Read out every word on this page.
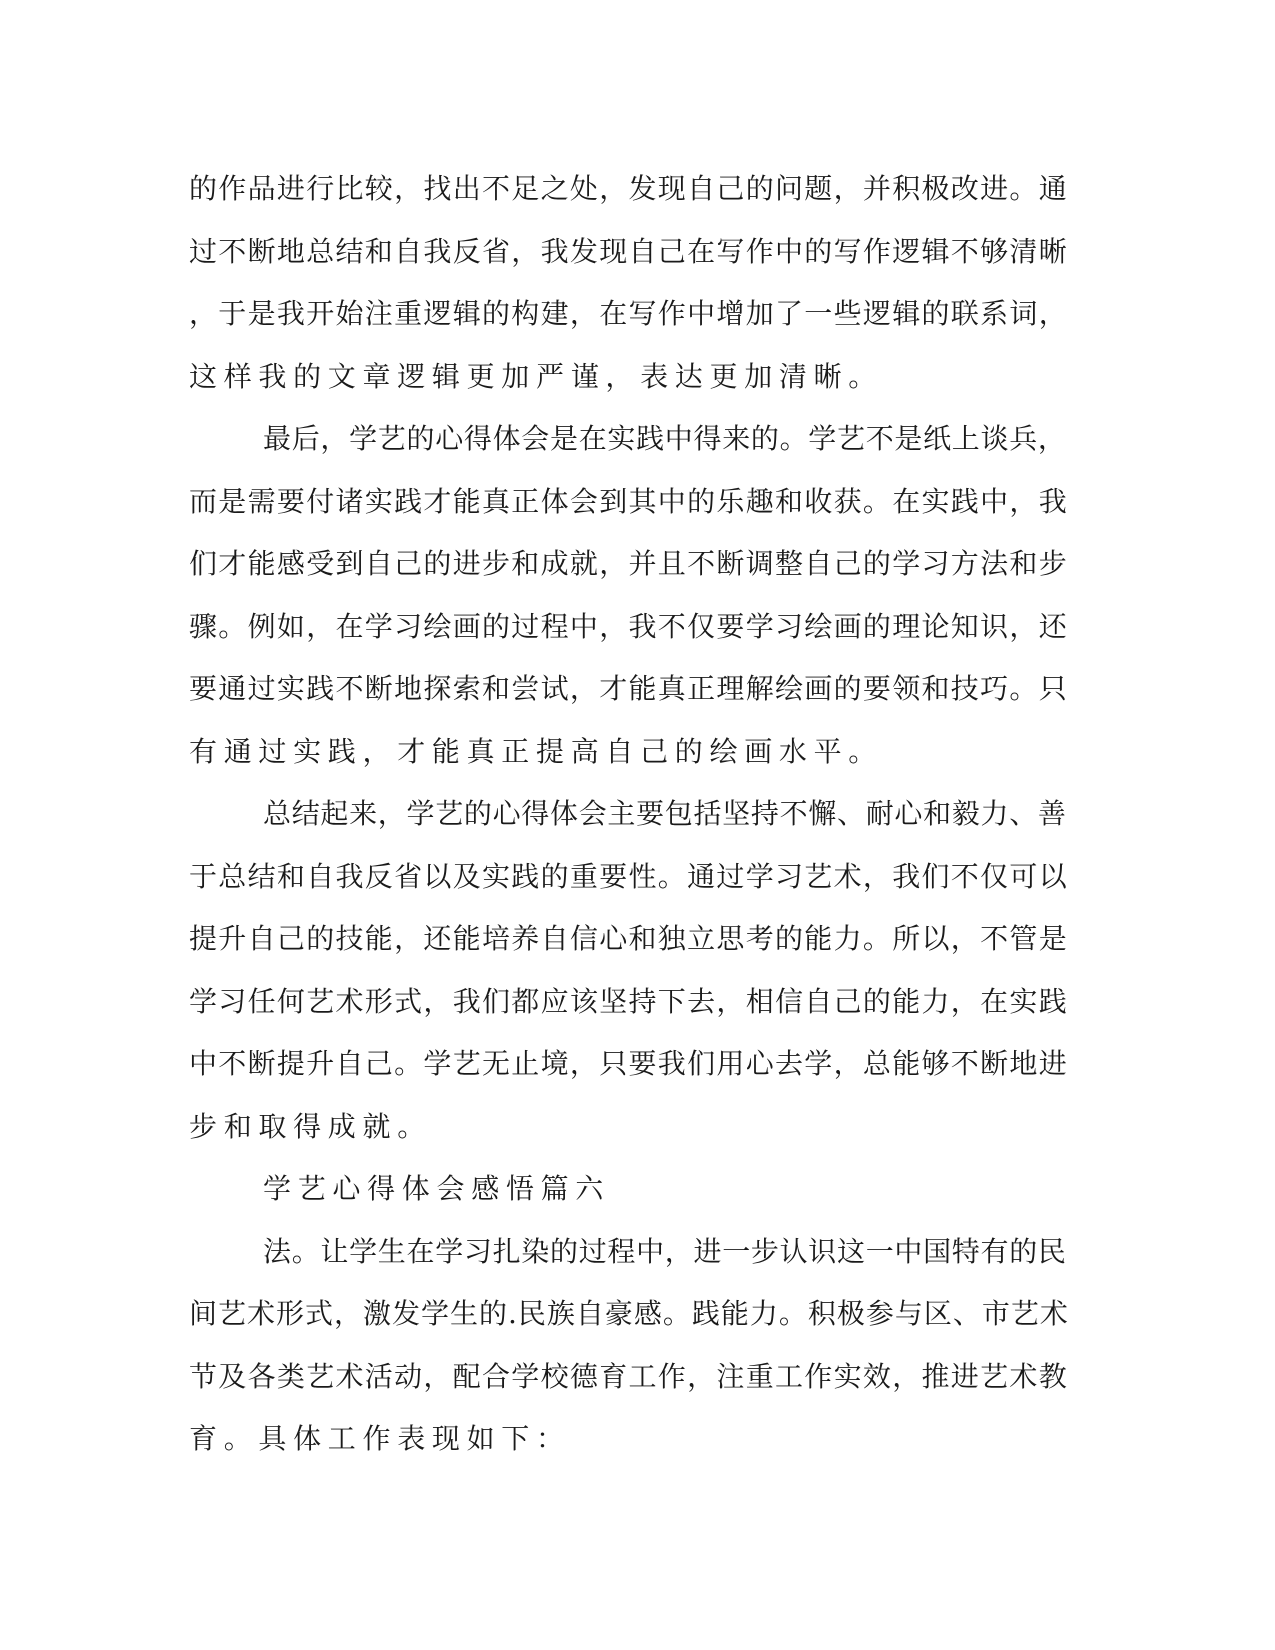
的作品进行比较，找出不足之处，发现自己的问题，并积极改进。通
过不断地总结和自我反省，我发现自己在写作中的写作逻辑不够清晰
，于是我开始注重逻辑的构建，在写作中增加了一些逻辑的联系词，
这样我的文章逻辑更加严谨，表达更加清晰。
最后，学艺的心得体会是在实践中得来的。学艺不是纸上谈兵，
而是需要付诸实践才能真正体会到其中的乐趣和收获。在实践中，我
们才能感受到自己的进步和成就，并且不断调整自己的学习方法和步
骤。例如，在学习绘画的过程中，我不仅要学习绘画的理论知识，还
要通过实践不断地探索和尝试，才能真正理解绘画的要领和技巧。只
有通过实践，才能真正提高自己的绘画水平。
总结起来，学艺的心得体会主要包括坚持不懈、耐心和毅力、善
于总结和自我反省以及实践的重要性。通过学习艺术，我们不仅可以
提升自己的技能，还能培养自信心和独立思考的能力。所以，不管是
学习任何艺术形式，我们都应该坚持下去，相信自己的能力，在实践
中不断提升自己。学艺无止境，只要我们用心去学，总能够不断地进
步和取得成就。
学艺心得体会感悟篇六
法。让学生在学习扎染的过程中，进一步认识这一中国特有的民
间艺术形式，激发学生的.民族自豪感。践能力。积极参与区、市艺术
节及各类艺术活动，配合学校德育工作，注重工作实效，推进艺术教
育。具体工作表现如下：
